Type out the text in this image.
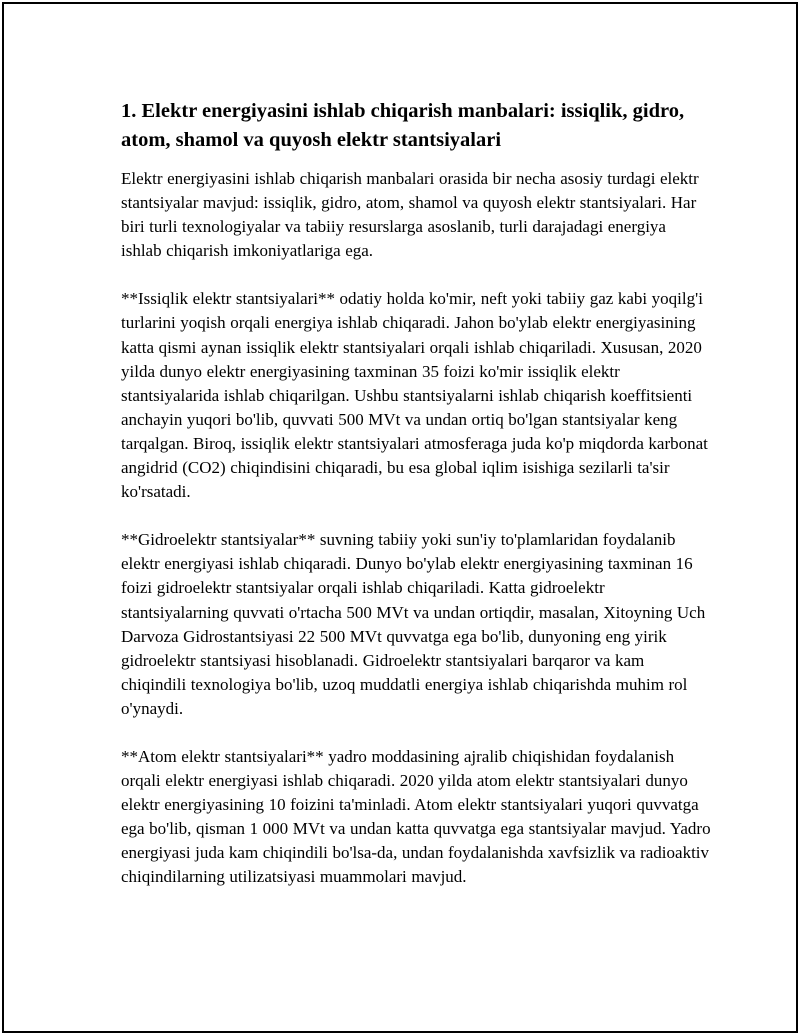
1. Elektr energiyasini ishlab chiqarish manbalari: issiqlik, gidro, atom, shamol va quyosh elektr stantsiyalari

Elektr energiyasini ishlab chiqarish manbalari orasida bir necha asosiy turdagi elektr stantsiyalar mavjud: issiqlik, gidro, atom, shamol va quyosh elektr stantsiyalari. Har biri turli texnologiyalar va tabiiy resurslarga asoslanib, turli darajadagi energiya ishlab chiqarish imkoniyatlariga ega.

**Issiqlik elektr stantsiyalari** odatiy holda ko'mir, neft yoki tabiiy gaz kabi yoqilg'i turlarini yoqish orqali energiya ishlab chiqaradi. Jahon bo'ylab elektr energiyasining katta qismi aynan issiqlik elektr stantsiyalari orqali ishlab chiqariladi. Xususan, 2020 yilda dunyo elektr energiyasining taxminan 35 foizi ko'mir issiqlik elektr stantsiyalarida ishlab chiqarilgan. Ushbu stantsiyalarni ishlab chiqarish koeffitsienti anchayin yuqori bo'lib, quvvati 500 MVt va undan ortiq bo'lgan stantsiyalar keng tarqalgan. Biroq, issiqlik elektr stantsiyalari atmosferaga juda ko'p miqdorda karbonat angidrid (CO2) chiqindisini chiqaradi, bu esa global iqlim isishiga sezilarli ta'sir ko'rsatadi.

**Gidroelektr stantsiyalar** suvning tabiiy yoki sun'iy to'plamlaridan foydalanib elektr energiyasi ishlab chiqaradi. Dunyo bo'ylab elektr energiyasining taxminan 16 foizi gidroelektr stantsiyalar orqali ishlab chiqariladi. Katta gidroelektr stantsiyalarning quvvati o'rtacha 500 MVt va undan ortiqdir, masalan, Xitoyning Uch Darvoza Gidrostantsiyasi 22 500 MVt quvvatga ega bo'lib, dunyoning eng yirik gidroelektr stantsiyasi hisoblanadi. Gidroelektr stantsiyalari barqaror va kam chiqindili texnologiya bo'lib, uzoq muddatli energiya ishlab chiqarishda muhim rol o'ynaydi.

**Atom elektr stantsiyalari** yadro moddasining ajralib chiqishidan foydalanish orqali elektr energiyasi ishlab chiqaradi. 2020 yilda atom elektr stantsiyalari dunyo elektr energiyasining 10 foizini ta'minladi. Atom elektr stantsiyalari yuqori quvvatga ega bo'lib, qisman 1 000 MVt va undan katta quvvatga ega stantsiyalar mavjud. Yadro energiyasi juda kam chiqindili bo'lsa-da, undan foydalanishda xavfsizlik va radioaktiv chiqindilarning utilizatsiyasi muammolari mavjud.
